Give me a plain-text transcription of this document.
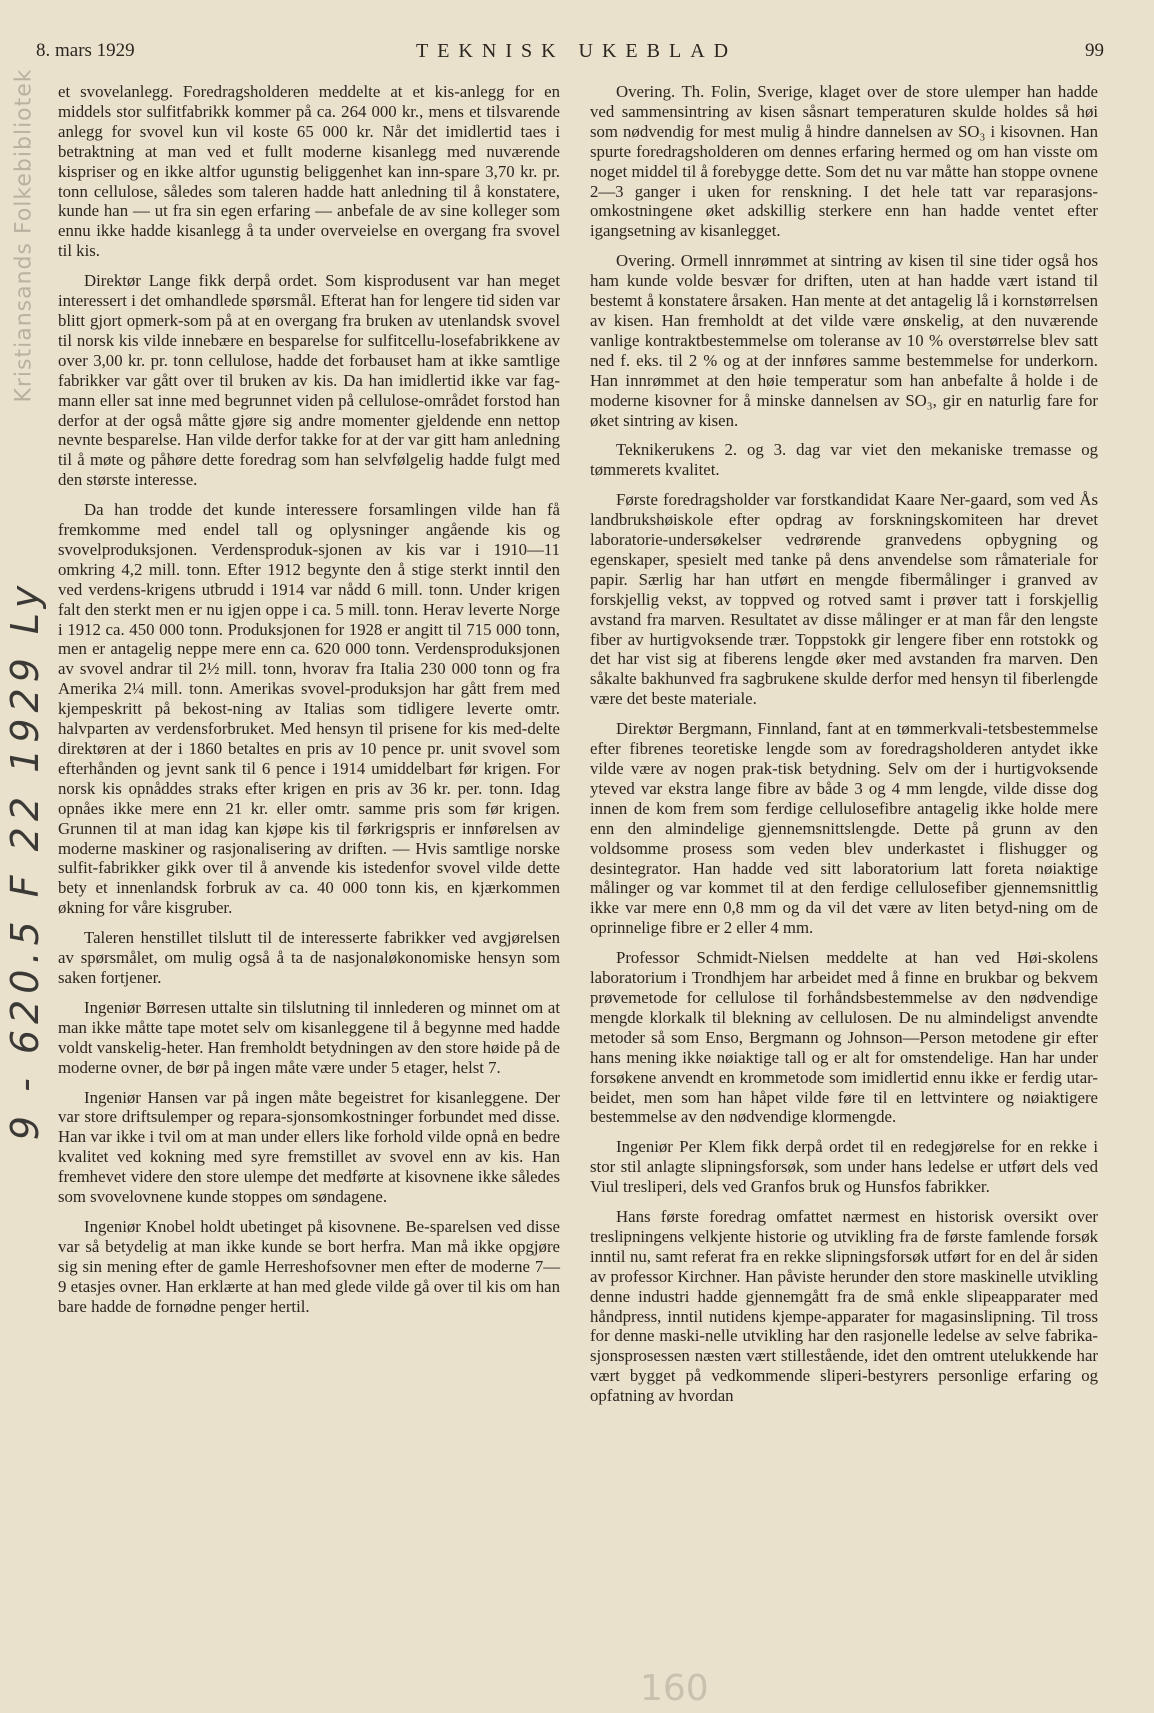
8. mars 1929	TEKNISK UKEBLAD	99
Kristiansands Folkebibliotek
9 - 620.5 F 22 1929 Ly

et svovelanlegg. Foredragsholderen meddelte at et kis-anlegg for en middels stor sulfitfabrikk kommer på ca. 264 000 kr., mens et tilsvarende anlegg for svovel kun vil koste 65 000 kr. Når det imidlertid taes i betraktning at man ved et fullt moderne kisanlegg med nuværende kispriser og en ikke altfor ugunstig beliggenhet kan inn-spare 3,70 kr. pr. tonn cellulose, således som taleren hadde hatt anledning til å konstatere, kunde han — ut fra sin egen erfaring — anbefale de av sine kolleger som ennu ikke hadde kisanlegg å ta under overveielse en overgang fra svovel til kis.

Direktør Lange fikk derpå ordet. Som kisprodusent var han meget interessert i det omhandlede spørsmål. Efterat han for lengere tid siden var blitt gjort opmerk-som på at en overgang fra bruken av utenlandsk svovel til norsk kis vilde innebære en besparelse for sulfitcellu-losefabrikkene av over 3,00 kr. pr. tonn cellulose, hadde det forbauset ham at ikke samtlige fabrikker var gått over til bruken av kis. Da han imidlertid ikke var fag-mann eller sat inne med begrunnet viden på cellulose-området forstod han derfor at der også måtte gjøre sig andre momenter gjeldende enn nettop nevnte besparelse. Han vilde derfor takke for at der var gitt ham anledning til å møte og påhøre dette foredrag som han selvfølgelig hadde fulgt med den største interesse.

Da han trodde det kunde interessere forsamlingen vilde han få fremkomme med endel tall og oplysninger angående kis og svovelproduksjonen. Verdensproduk-sjonen av kis var i 1910—11 omkring 4,2 mill. tonn. Efter 1912 begynte den å stige sterkt inntil den ved verdens-krigens utbrudd i 1914 var nådd 6 mill. tonn. Under krigen falt den sterkt men er nu igjen oppe i ca. 5 mill. tonn. Herav leverte Norge i 1912 ca. 450 000 tonn. Produksjonen for 1928 er angitt til 715 000 tonn, men er antagelig neppe mere enn ca. 620 000 tonn. Verdensproduksjonen av svovel andrar til 2½ mill. tonn, hvorav fra Italia 230 000 tonn og fra Amerika 2¼ mill. tonn. Amerikas svovel-produksjon har gått frem med kjempeskritt på bekost-ning av Italias som tidligere leverte omtr. halvparten av verdensforbruket. Med hensyn til prisene for kis med-delte direktøren at der i 1860 betaltes en pris av 10 pence pr. unit svovel som efterhånden og jevnt sank til 6 pence i 1914 umiddelbart før krigen. For norsk kis opnåddes straks efter krigen en pris av 36 kr. per. tonn. Idag opnåes ikke mere enn 21 kr. eller omtr. samme pris som før krigen. Grunnen til at man idag kan kjøpe kis til førkrigspris er innførelsen av moderne maskiner og rasjonalisering av driften. — Hvis samtlige norske sulfit-fabrikker gikk over til å anvende kis istedenfor svovel vilde dette bety et innenlandsk forbruk av ca. 40 000 tonn kis, en kjærkommen økning for våre kisgruber.

Taleren henstillet tilslutt til de interesserte fabrikker ved avgjørelsen av spørsmålet, om mulig også å ta de nasjonaløkonomiske hensyn som saken fortjener.

Ingeniør Børresen uttalte sin tilslutning til innlederen og minnet om at man ikke måtte tape motet selv om kisanleggene til å begynne med hadde voldt vanskelig-heter. Han fremholdt betydningen av den store høide på de moderne ovner, de bør på ingen måte være under 5 etager, helst 7.

Ingeniør Hansen var på ingen måte begeistret for kisanleggene. Der var store driftsulemper og repara-sjonsomkostninger forbundet med disse. Han var ikke i tvil om at man under ellers like forhold vilde opnå en bedre kvalitet ved kokning med syre fremstillet av svovel enn av kis. Han fremhevet videre den store ulempe det medførte at kisovnene ikke således som svovelovnene kunde stoppes om søndagene.

Ingeniør Knobel holdt ubetinget på kisovnene. Be-sparelsen ved disse var så betydelig at man ikke kunde se bort herfra. Man må ikke opgjøre sig sin mening efter de gamle Herreshofsovner men efter de moderne 7—9 etasjes ovner. Han erklærte at han med glede vilde gå over til kis om han bare hadde de fornødne penger hertil.

Overing. Th. Folin, Sverige, klaget over de store ulemper han hadde ved sammensintring av kisen såsnart temperaturen skulde holdes så høi som nødvendig for mest mulig å hindre dannelsen av SO₃ i kisovnen. Han spurte foredragsholderen om dennes erfaring hermed og om han visste om noget middel til å forebygge dette. Som det nu var måtte han stoppe ovnene 2—3 ganger i uken for renskning. I det hele tatt var reparasjons-omkostningene øket adskillig sterkere enn han hadde ventet efter igangsetning av kisanlegget.

Overing. Ormell innrømmet at sintring av kisen til sine tider også hos ham kunde volde besvær for driften, uten at han hadde vært istand til bestemt å konstatere årsaken. Han mente at det antagelig lå i kornstørrelsen av kisen. Han fremholdt at det vilde være ønskelig, at den nuværende vanlige kontraktbestemmelse om toleranse av 10 % overstørrelse blev satt ned f. eks. til 2 % og at der innføres samme bestemmelse for underkorn. Han innrømmet at den høie temperatur som han anbefalte å holde i de moderne kisovner for å minske dannelsen av SO₃, gir en naturlig fare for øket sintring av kisen.

Teknikerukens 2. og 3. dag var viet den mekaniske tremasse og tømmerets kvalitet.

Første foredragsholder var forstkandidat Kaare Ner-gaard, som ved Ås landbrukshøiskole efter opdrag av forskningskomiteen har drevet laboratorie-undersøkelser vedrørende granvedens opbygning og egenskaper, spesielt med tanke på dens anvendelse som råmateriale for papir. Særlig har han utført en mengde fibermålinger i granved av forskjellig vekst, av toppved og rotved samt i prøver tatt i forskjellig avstand fra marven. Resultatet av disse målinger er at man får den lengste fiber av hurtigvoksende trær. Toppstokk gir lengere fiber enn rotstokk og det har vist sig at fiberens lengde øker med avstanden fra marven. Den såkalte bakhunved fra sagbrukene skulde derfor med hensyn til fiberlengde være det beste materiale.

Direktør Bergmann, Finnland, fant at en tømmerkvali-tetsbestemmelse efter fibrenes teoretiske lengde som av foredragsholderen antydet ikke vilde være av nogen prak-tisk betydning. Selv om der i hurtigvoksende yteved var ekstra lange fibre av både 3 og 4 mm lengde, vilde disse dog innen de kom frem som ferdige cellulosefibre antagelig ikke holde mere enn den almindelige gjennemsnittslengde. Dette på grunn av den voldsomme prosess som veden blev underkastet i flishugger og desintegrator. Han hadde ved sitt laboratorium latt foreta nøiaktige målinger og var kommet til at den ferdige cellulosefiber gjennemsnittlig ikke var mere enn 0,8 mm og da vil det være av liten betyd-ning om de oprinnelige fibre er 2 eller 4 mm.

Professor Schmidt-Nielsen meddelte at han ved Høi-skolens laboratorium i Trondhjem har arbeidet med å finne en brukbar og bekvem prøvemetode for cellulose til forhåndsbestemmelse av den nødvendige mengde klorkalk til blekning av cellulosen. De nu almindeligst anvendte metoder så som Enso, Bergmann og Johnson—Person metodene gir efter hans mening ikke nøiaktige tall og er alt for omstendelige. Han har under forsøkene anvendt en krommetode som imidlertid ennu ikke er ferdig utar-beidet, men som han håpet vilde føre til en lettvintere og nøiaktigere bestemmelse av den nødvendige klormengde.

Ingeniør Per Klem fikk derpå ordet til en redegjørelse for en rekke i stor stil anlagte slipningsforsøk, som under hans ledelse er utført dels ved Viul tresliperi, dels ved Granfos bruk og Hunsfos fabrikker.

Hans første foredrag omfattet nærmest en historisk oversikt over treslipningens velkjente historie og utvikling fra de første famlende forsøk inntil nu, samt referat fra en rekke slipningsforsøk utført for en del år siden av professor Kirchner. Han påviste herunder den store maskinelle utvikling denne industri hadde gjennemgått fra de små enkle slipeapparater med håndpress, inntil nutidens kjempe-apparater for magasinslipning. Til tross for denne maski-nelle utvikling har den rasjonelle ledelse av selve fabrika-sjonsprosessen næsten vært stillestående, idet den omtrent utelukkende har vært bygget på vedkommende sliperi-bestyrers personlige erfaring og opfatning av hvordan

160
